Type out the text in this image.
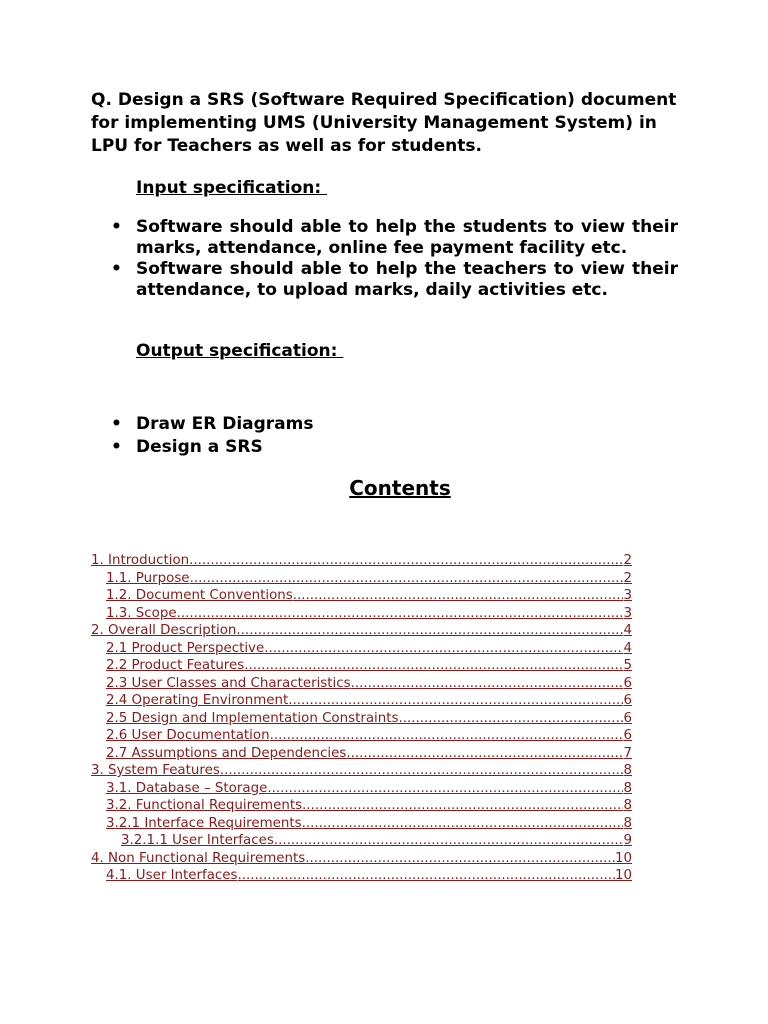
Q. Design a SRS (Software Required Specification) document for implementing UMS (University Management System) in LPU for Teachers as well as for students.
Input specification:
• Software should able to help the students to view their marks, attendance, online fee payment facility etc.
• Software should able to help the teachers to view their attendance, to upload marks, daily activities etc.
Output specification:
• Draw ER Diagrams
• Design a SRS
Contents
1. Introduction .....	2
1.1. Purpose .....	2
1.2. Document Conventions .....	3
1.3. Scope .....	3
2. Overall Description .....	4
2.1 Product Perspective .....	4
2.2 Product Features .....	5
2.3 User Classes and Characteristics .....	6
2.4 Operating Environment .....	6
2.5 Design and Implementation Constraints .....	6
2.6 User Documentation .....	6
2.7 Assumptions and Dependencies .....	7
3. System Features .....	8
3.1. Database – Storage .....	8
3.2. Functional Requirements .....	8
3.2.1 Interface Requirements .....	8
3.2.1.1 User Interfaces .....	9
4. Non Functional Requirements .....	10
4.1. User Interfaces .....	10
